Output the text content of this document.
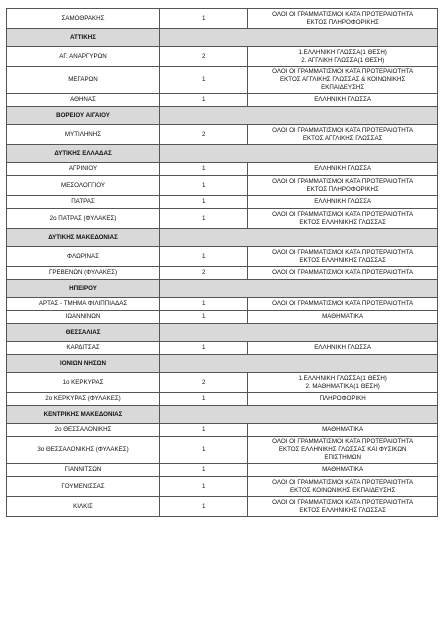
ΣΑΜΟΘΡΑΚΗΣ	1	ΟΛΟΙ ΟΙ ΓΡΑΜΜΑΤΙΣΜΟΙ ΚΑΤΑ ΠΡΟΤΕΡΑΙΟΤΗΤΑ
ΕΚΤΟΣ ΠΛΗΡΟΦΟΡΙΚΗΣ

ΑΤΤΙΚΗΣ		
ΑΓ. ΑΝΑΡΓΥΡΩΝ	2	1.ΕΛΛΗΝΙΚΗ ΓΛΩΣΣΑ(1 ΘΕΣΗ)
2. ΑΓΓΛΙΚΗ ΓΛΩΣΣΑ(1 ΘΕΣΗ)

ΜΕΓΑΡΩΝ	1	ΟΛΟΙ ΟΙ ΓΡΑΜΜΑΤΙΣΜΟΙ ΚΑΤΑ ΠΡΟΤΕΡΑΙΟΤΗΤΑ
ΕΚΤΟΣ ΑΓΓΛΙΚΗΣ ΓΛΩΣΣΑΣ & ΚΟΙΝΩΝΙΚΗΣ
ΕΚΠΑΙΔΕΥΣΗΣ

ΑΘΗΝΑΣ	1	ΕΛΛΗΝΙΚΗ ΓΛΩΣΣΑ

ΒΟΡΕΙΟΥ ΑΙΓΑΙΟΥ		
ΜΥΤΙΛΗΝΗΣ	2	ΟΛΟΙ ΟΙ ΓΡΑΜΜΑΤΙΣΜΟΙ ΚΑΤΑ ΠΡΟΤΕΡΑΙΟΤΗΤΑ
ΕΚΤΟΣ ΑΓΓΛΙΚΗΣ ΓΛΩΣΣΑΣ

ΔΥΤΙΚΗΣ ΕΛΛΑΔΑΣ		
ΑΓΡΙΝΙΟΥ	1	ΕΛΛΗΝΙΚΗ ΓΛΩΣΣΑ

ΜΕΣΟΛΟΓΓΙΟΥ	1	ΟΛΟΙ ΟΙ ΓΡΑΜΜΑΤΙΣΜΟΙ ΚΑΤΑ ΠΡΟΤΕΡΑΙΟΤΗΤΑ
ΕΚΤΟΣ ΠΛΗΡΟΦΟΡΙΚΗΣ

ΠΑΤΡΑΣ	1	ΕΛΛΗΝΙΚΗ ΓΛΩΣΣΑ

2ο ΠΑΤΡΑΣ (ΦΥΛΑΚΕΣ)	1	ΟΛΟΙ ΟΙ ΓΡΑΜΜΑΤΙΣΜΟΙ ΚΑΤΑ ΠΡΟΤΕΡΑΙΟΤΗΤΑ
ΕΚΤΟΣ ΕΛΛΗΝΙΚΗΣ ΓΛΩΣΣΑΣ

ΔΥΤΙΚΗΣ ΜΑΚΕΔΟΝΙΑΣ		
ΦΛΩΡΙΝΑΣ	1	ΟΛΟΙ ΟΙ ΓΡΑΜΜΑΤΙΣΜΟΙ ΚΑΤΑ ΠΡΟΤΕΡΑΙΟΤΗΤΑ
ΕΚΤΟΣ ΕΛΛΗΝΙΚΗΣ ΓΛΩΣΣΑΣ

ΓΡΕΒΕΝΩΝ (ΦΥΛΑΚΕΣ)	2	ΟΛΟΙ ΟΙ ΓΡΑΜΜΑΤΙΣΜΟΙ ΚΑΤΑ ΠΡΟΤΕΡΑΙΟΤΗΤΑ

ΗΠΕΙΡΟΥ		
ΑΡΤΑΣ - ΤΜΗΜΑ ΦΙΛΙΠΠΙΑΔΑΣ	1	ΟΛΟΙ ΟΙ ΓΡΑΜΜΑΤΙΣΜΟΙ ΚΑΤΑ ΠΡΟΤΕΡΑΙΟΤΗΤΑ

ΙΩΑΝΝΙΝΩΝ	1	ΜΑΘΗΜΑΤΙΚΑ

ΘΕΣΣΑΛΙΑΣ		
ΚΑΡΔΙΤΣΑΣ	1	ΕΛΛΗΝΙΚΗ ΓΛΩΣΣΑ

ΙΟΝΙΩΝ ΝΗΣΩΝ		
1ο ΚΕΡΚΥΡΑΣ	2	1.ΕΛΛΗΝΙΚΗ ΓΛΩΣΣΑ(1 ΘΕΣΗ)
2. ΜΑΘΗΜΑΤΙΚΑ(1 ΘΕΣΗ)

2ο ΚΕΡΚΥΡΑΣ (ΦΥΛΑΚΕΣ)	1	ΠΛΗΡΟΦΟΡΙΚΗ

ΚΕΝΤΡΙΚΗΣ ΜΑΚΕΔΟΝΙΑΣ		
2ο ΘΕΣΣΑΛΟΝΙΚΗΣ	1	ΜΑΘΗΜΑΤΙΚΑ

3ο ΘΕΣΣΑΛΟΝΙΚΗΣ (ΦΥΛΑΚΕΣ)	1	ΟΛΟΙ ΟΙ ΓΡΑΜΜΑΤΙΣΜΟΙ ΚΑΤΑ ΠΡΟΤΕΡΑΙΟΤΗΤΑ
ΕΚΤΟΣ ΕΛΛΗΝΙΚΗΣ ΓΛΩΣΣΑΣ ΚΑΙ ΦΥΣΙΚΩΝ
ΕΠΙΣΤΗΜΩΝ

ΓΙΑΝΝΙΤΣΩΝ	1	ΜΑΘΗΜΑΤΙΚΑ

ΓΟΥΜΕΝΙΣΣΑΣ	1	ΟΛΟΙ ΟΙ ΓΡΑΜΜΑΤΙΣΜΟΙ ΚΑΤΑ ΠΡΟΤΕΡΑΙΟΤΗΤΑ
ΕΚΤΟΣ ΚΟΙΝΩΝΙΚΗΣ ΕΚΠΑΙΔΕΥΣΗΣ

ΚΙΛΚΙΣ	1	ΟΛΟΙ ΟΙ ΓΡΑΜΜΑΤΙΣΜΟΙ ΚΑΤΑ ΠΡΟΤΕΡΑΙΟΤΗΤΑ
ΕΚΤΟΣ ΕΛΛΗΝΙΚΗΣ ΓΛΩΣΣΑΣ
